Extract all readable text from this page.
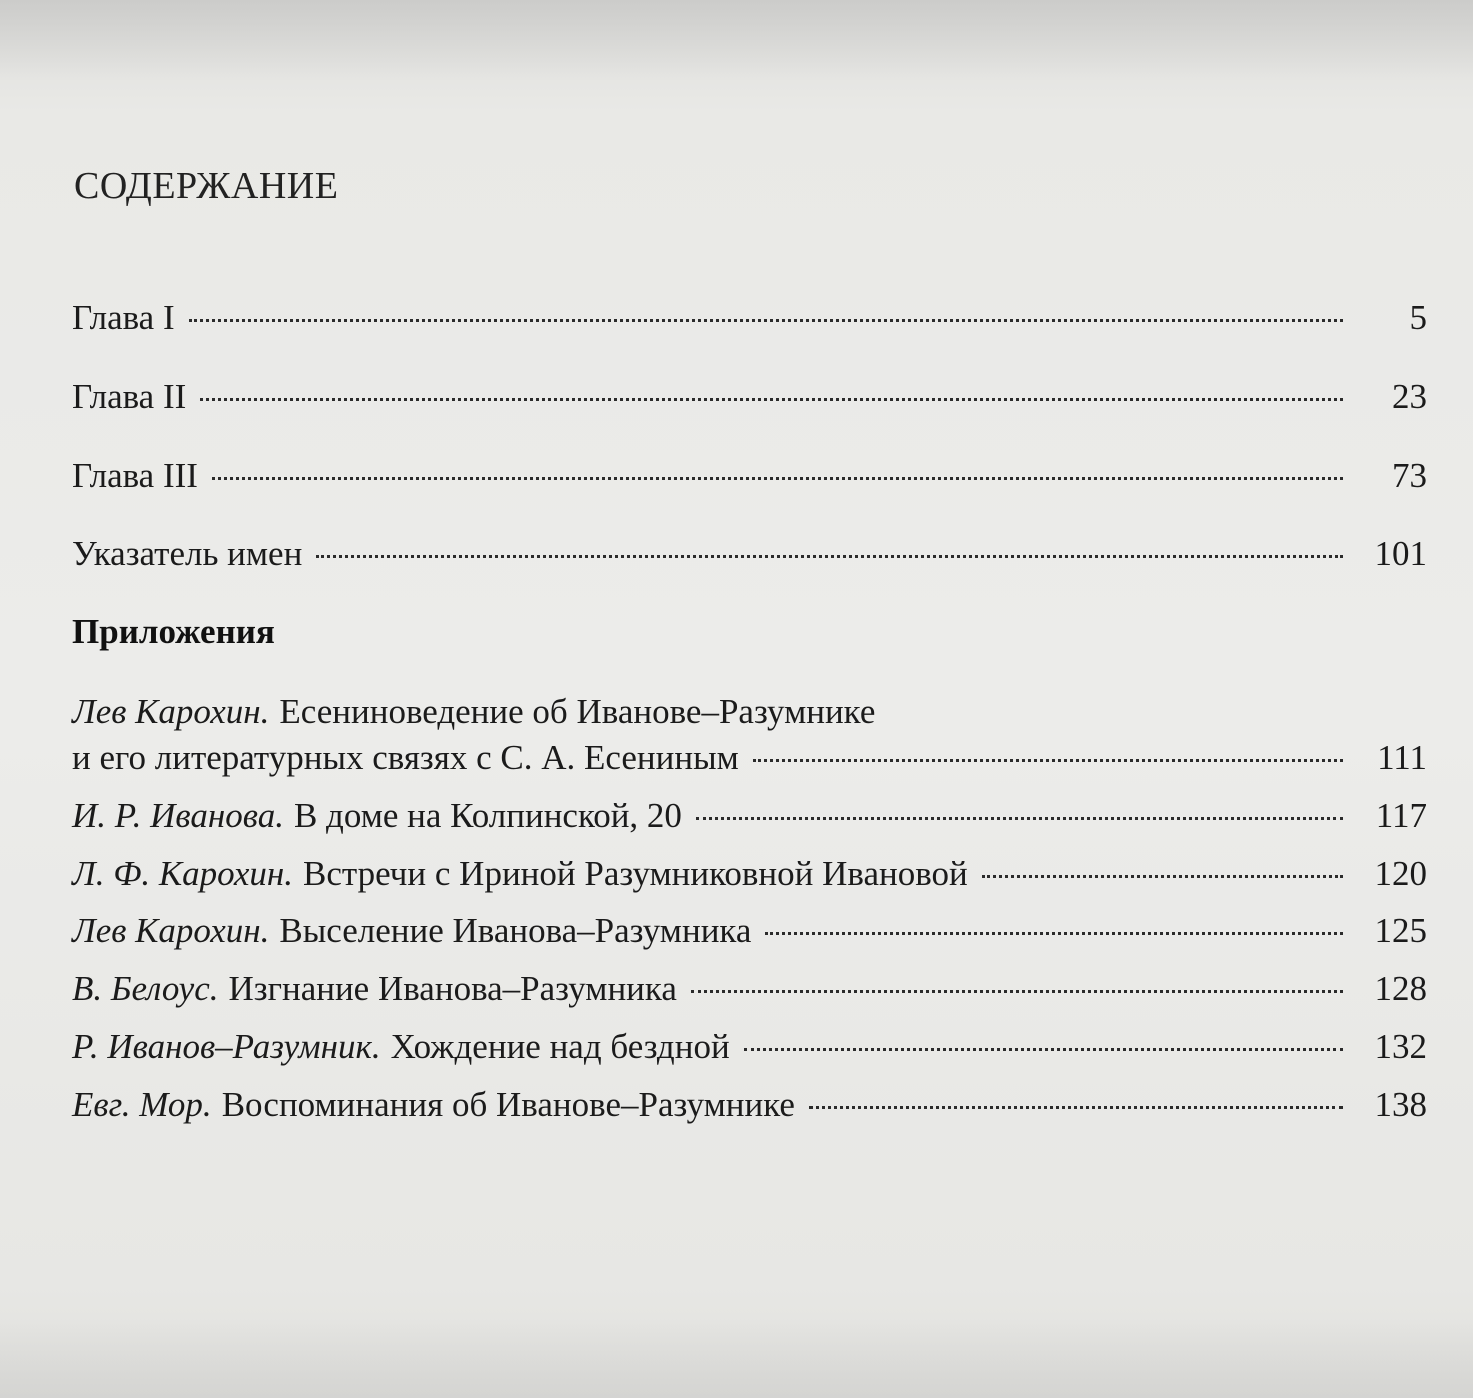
СОДЕРЖАНИЕ
Глава I	5
Глава II	23
Глава III	73
Указатель имен	101
Приложения
Лев Карохин. Есениноведение об Иванове–Разумнике
и его литературных связях с С. А. Есениным	111
И. Р. Иванова. В доме на Колпинской, 20	117
Л. Ф. Карохин. Встречи с Ириной Разумниковной Ивановой	120
Лев Карохин. Выселение Иванова–Разумника	125
В. Белоус. Изгнание Иванова–Разумника	128
Р. Иванов–Разумник. Хождение над бездной	132
Евг. Мор. Воспоминания об Иванове–Разумнике	138
